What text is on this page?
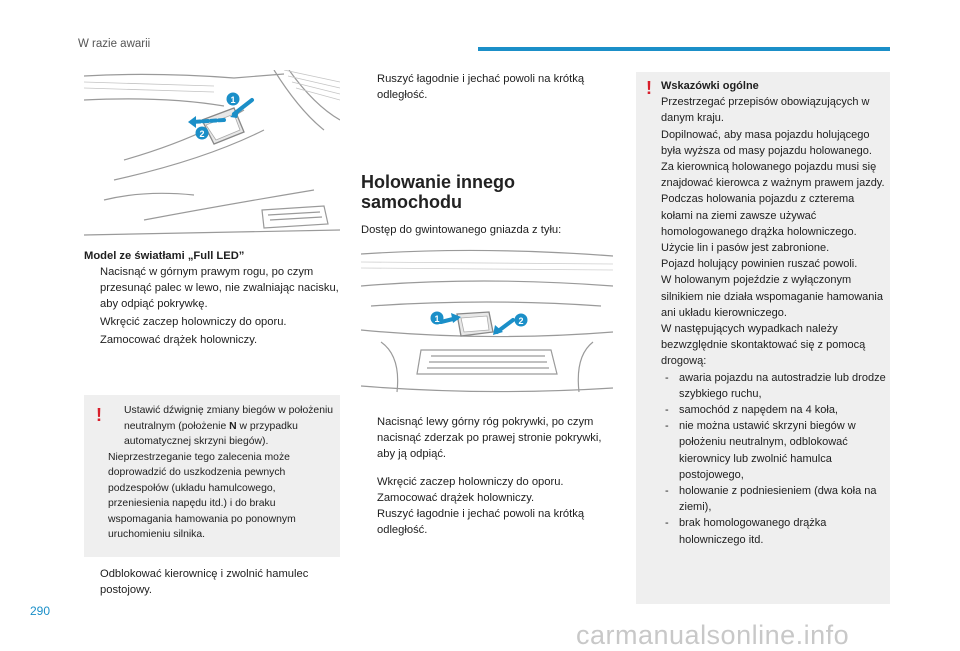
W razie awarii
1
2
Model ze światłami „Full LED”
Nacisnąć w górnym prawym rogu, po czym przesunąć palec w lewo, nie zwalniając nacisku, aby odpiąć pokrywkę.
Wkręcić zaczep holowniczy do oporu.
Zamocować drążek holowniczy.
!	Ustawić dźwignię zmiany biegów w położeniu neutralnym (położenie N w przypadku automatycznej skrzyni biegów).
Nieprzestrzeganie tego zalecenia może doprowadzić do uszkodzenia pewnych podzespołów (układu hamulcowego, przeniesienia napędu itd.) i do braku wspomagania hamowania po ponownym uruchomieniu silnika.
Odblokować kierownicę i zwolnić hamulec postojowy.
Ruszyć łagodnie i jechać powoli na krótką odległość.
Holowanie innego
samochodu
Dostęp do gwintowanego gniazda z tyłu:
1	2
Nacisnąć lewy górny róg pokrywki, po czym nacisnąć zderzak po prawej stronie pokrywki, aby ją odpiąć.
Wkręcić zaczep holowniczy do oporu.
Zamocować drążek holowniczy.
Ruszyć łagodnie i jechać powoli na krótką odległość.
! Wskazówki ogólne
Przestrzegać przepisów obowiązujących w danym kraju.
Dopilnować, aby masa pojazdu holującego była wyższa od masy pojazdu holowanego.
Za kierownicą holowanego pojazdu musi się znajdować kierowca z ważnym prawem jazdy.
Podczas holowania pojazdu z czterema kołami na ziemi zawsze używać homologowanego drążka holowniczego.
Użycie lin i pasów jest zabronione.
Pojazd holujący powinien ruszać powoli.
W holowanym pojeździe z wyłączonym silnikiem nie działa wspomaganie hamowania ani układu kierowniczego.
W następujących wypadkach należy bezwzględnie skontaktować się z pomocą drogową:
- awaria pojazdu na autostradzie lub drodze szybkiego ruchu,
- samochód z napędem na 4 koła,
- nie można ustawić skrzyni biegów w położeniu neutralnym, odblokować kierownicy lub zwolnić hamulca postojowego,
- holowanie z podniesieniem (dwa koła na ziemi),
- brak homologowanego drążka holowniczego itd.
290
carmanualsonline.info
